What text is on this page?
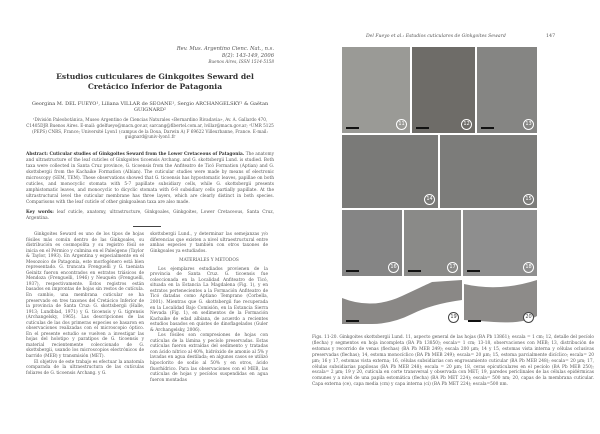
Rev. Mus. Argentino Cienc. Nat., n.s.
8(2): 143-149, 2006
Buenos Aires, ISSN 1514-5158
Estudios cuticulares de Ginkgoites Seward del Cretácico Inferior de Patagonia
Georgina M. DEL FUEYO¹, Liliana VILLAR de SEOANE¹, Sergio ARCHANGELSKY¹ & Gaëtan GUIGNARD²
¹División Paleobotánica, Museo Argentino de Ciencias Naturales «Bernardino Rivadavia», Av. A. Gallardo 470, C1405DJR Buenos Aires. E-mail: gdelfueyo@macn.gov.ar, sarcang@fibertel.com.ar, lvillar@macn.gov.ar; ²UMR 5125 (PEPS) CNRS, France; Université Lyon1 (campus de la Doua, Darwin A) F 69622 Villeurbanne, France. E-mail: guignard@univ-lyon1.fr
Abstract: Cuticular studies of Ginkgoites Seward from the Lower Cretaceous of Patagonia. The anatomy and ultrastructure of the leaf cuticles of Ginkgoites ticoensis Archang. and G. skottsbergii Lund. is studied. Both taxa were collected in Santa Cruz province, G. ticoensis from the Anfiteatro de Ticó Formation (Aptian) and G. skottsbergii from the Kachaike Formation (Albian). The cuticular studies were made by means of electronic microscopy (SEM, TEM). These observations showed that G. ticoensis has hypostomatic leaves, papillae on both cuticles, and monocyclic stomata with 5-7 papillate subsidiary cells, while G. skottsbergii presents amphistomatic leaves, and monocyclic to dicyclic stomata with 6-8 subsidiary cells partially papillate. At the ultrastructural level the cuticular membrane has three layers, which are clearly distinct in both species. Comparisons with the leaf cuticle of other ginkgoalean taxa are also made.
Key words: leaf cuticle, anatomy, ultrastructure, Ginkgoales, Ginkgoites, Lower Cretaceous, Santa Cruz, Argentina.

Ginkgoites Seward es uno de los tipos de hojas fósiles más común dentro de las Ginkgoales, su distribución es cosmopolita y su registro fósil se inicia en el Pérmico y culmina en el Paleógeno (Taylor & Taylor, 1993). En Argentina y especialmente en el Mesozoico de Patagonia, este morfogénero está bien representado. G. truncata Frenguelli y G. taeniata Geinitz fueron encontrados en estratos triásicos de Mendoza (Frenguelli, 1946) y Neuquén (Frenguelli, 1937), respectivamente. Estos registros están basados en improntas de hojas sin restos de cutícula. En cambio, una membrana cuticular se ha preservado en tres taxones del Cretácico Inferior de la provincia de Santa Cruz: G. skottsbergii (Halle, 1913; Lundblad, 1971) y G. ticoensis y G. tigrensis (Archangelsky, 1965). Las descripciones de las cutículas de las dos primeras especies se basaron en observaciones realizadas con el microscopio óptico. En el presente estudio se vuelven a investigar las hojas del holotipo y paratipos de G. ticoensis y material recientemente coleccionado de G. skottsbergii, usando los microscopios electrónicos de barrido (MEB) y transmisión (MET).

El objetivo de este trabajo es efectuar la anatomía comparada de la ultraestructura de las cutículas foliares de G. ticoensis Archang. y G.

skottsbergii Lund., y determinar las semejanzas y/o diferencias que existen a nivel ultraestructural entre ambas especies y también con otros taxones de Ginkgoales ya estudiados.

MATERIALES Y METODOS

Los ejemplares estudiados provienen de la provincia de Santa Cruz. G. ticoensis fue coleccionada en la Localidad Anfiteatro de Ticó, situada en la Estancia La Magdalena (Fig. 1), y en estratos pertenecientes a la Formación Anfiteatro de Ticó datadas como Aptiano Temprano (Corbella, 2001). Mientras que G. skottsbergii fue recuperada en la Localidad Bajo Comisión, en la Estancia Sierra Nevada (Fig. 1), en sedimentos de la Formación Kachaike de edad albiana, de acuerdo a recientes estudios basados en quistes de dinoflagelados (Guler & Archangelsky, 2006).

Los fósiles son compresiones de hojas con cutículas de la lámina y pecíolo preservadas. Estas cutículas fueron extraídas del sedimento y tratadas con ácido nítrico al 40%, hidróxido de amonio al 5% y lavadas en agua destilada; en algunos casos se utilizó hipoclorito de sodio al 50% y en otros, ácido fluorhídrico. Para las observaciones con el MEB, las cutículas de hojas y pecíolos suspendidas en agua fueron montadas

Del Fueyo et al.: Estudios cuticulares de Ginkgoites Seward	147
11	12	13
14	15
16	17	18
19	20
Figs. 11-20. Ginkgoites skottsbergii Lund. 11, aspecto general de las hojas (BA Pb 13861); escala = 1 cm; 12, detalle del pecíolo (flecha) y segmentos en hoja incompleta (BA Pb 13850); escala= 1 cm; 13-18, observaciones con MEB; 13, distribución de estomas y recorrido de venas (flechas) (BA Pb MEB 249); escala 200 µm; 14 y 15, estomas vista interna y células oclusivas preservadas (flechas); 14, estoma monocíclico (BA Pb MEB 249); escala= 20 µm; 15, estoma parcialmente dicíclico; escala= 20 µm; 16 y 17, estomas vista externa; 16, células subsidiarias con engrosamiento cuticular (BA Pb MEB 248); escala= 20 µm; 17, células subsidiarias papilosas (BA Pb MEB 248); escala = 20 µm; 18, ceras epicuticulares en el pecíolo (BA Pb MEB 250); escala= 2 µm; 19 y 20, cutícula en corte transversal y observada con MET; 19, paredes periclinales de las células epidérmicas comunes y a nivel de una papila estomática (flecha) (BA Pb MET 224); escala= 500 nm; 20, capas de la membrana cuticular. Capa externa (ce), capa media (cm) y capa interna (ci) (BA Pb MET 224); escala=500 nm.
